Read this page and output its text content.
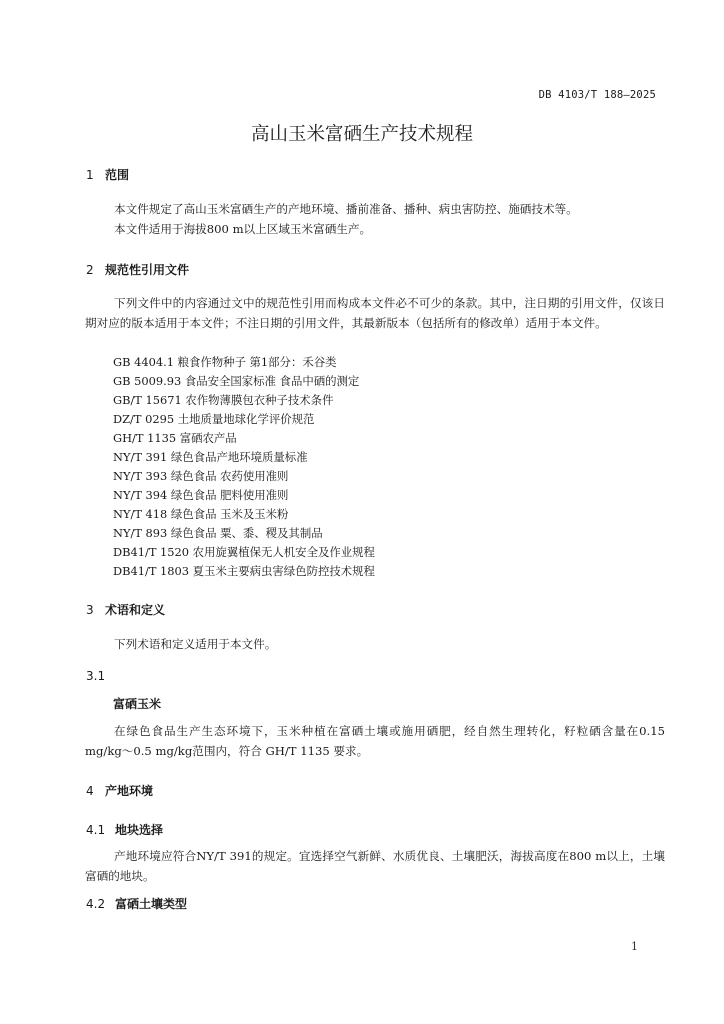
DB 4103/T 188—2025
高山玉米富硒生产技术规程
1 范围
本文件规定了高山玉米富硒生产的产地环境、播前准备、播种、病虫害防控、施硒技术等。
本文件适用于海拔800 m以上区域玉米富硒生产。
2 规范性引用文件
下列文件中的内容通过文中的规范性引用而构成本文件必不可少的条款。其中，注日期的引用文件，仅该日期对应的版本适用于本文件；不注日期的引用文件，其最新版本（包括所有的修改单）适用于本文件。
GB 4404.1 粮食作物种子 第1部分：禾谷类
GB 5009.93 食品安全国家标准 食品中硒的测定
GB/T 15671 农作物薄膜包衣种子技术条件
DZ/T 0295 土地质量地球化学评价规范
GH/T 1135 富硒农产品
NY/T 391 绿色食品产地环境质量标准
NY/T 393 绿色食品 农药使用准则
NY/T 394 绿色食品 肥料使用准则
NY/T 418 绿色食品 玉米及玉米粉
NY/T 893 绿色食品 粟、黍、稷及其制品
DB41/T 1520 农用旋翼植保无人机安全及作业规程
DB41/T 1803 夏玉米主要病虫害绿色防控技术规程
3 术语和定义
下列术语和定义适用于本文件。
3.1
富硒玉米
在绿色食品生产生态环境下，玉米种植在富硒土壤或施用硒肥，经自然生理转化，籽粒硒含量在0.15 mg/kg～0.5 mg/kg范围内，符合 GH/T 1135 要求。
4 产地环境
4.1 地块选择
产地环境应符合NY/T 391的规定。宜选择空气新鲜、水质优良、土壤肥沃，海拔高度在800 m以上，土壤富硒的地块。
4.2 富硒土壤类型
1
